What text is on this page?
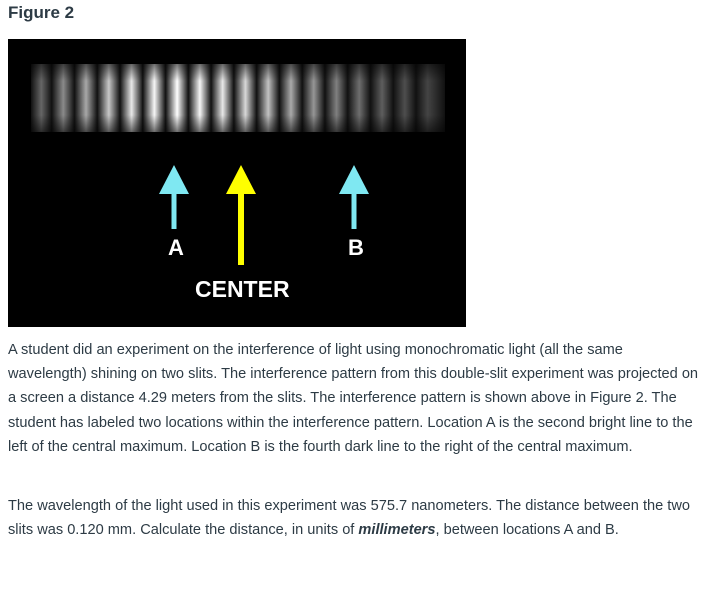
Figure 2
A	B
CENTER

A student did an experiment on the interference of light using monochromatic light (all the same wavelength) shining on two slits. The interference pattern from this double-slit experiment was projected on a screen a distance 4.29 meters from the slits. The interference pattern is shown above in Figure 2. The student has labeled two locations within the interference pattern. Location A is the second bright line to the left of the central maximum. Location B is the fourth dark line to the right of the central maximum.

The wavelength of the light used in this experiment was 575.7 nanometers. The distance between the two slits was 0.120 mm. Calculate the distance, in units of millimeters, between locations A and B.
